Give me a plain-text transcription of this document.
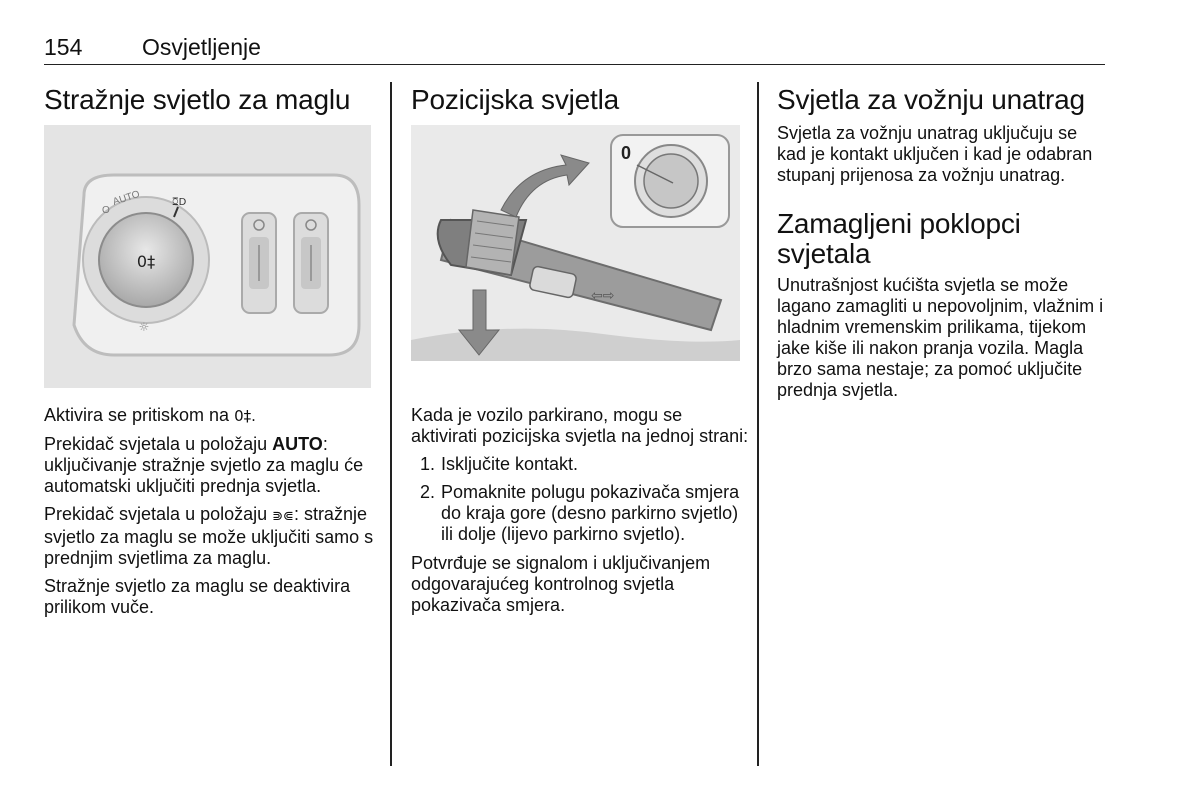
154	Osvjetljenje
Stražnje svjetlo za maglu
0‡
O
AUTO	ꗞD
☼

Aktivira se pritiskom na 0‡.

Prekidač svjetala u položaju AUTO: uključivanje stražnje svjetlo za maglu će automatski uključiti prednja svjetla.

Prekidač svjetala u položaju ⋑⋐: stražnje svjetlo za maglu se može uključiti samo s prednjim svjetlima za maglu.

Stražnje svjetlo za maglu se deaktivira prilikom vuče.

Pozicijska svjetla
⇦⇨
0

Kada je vozilo parkirano, mogu se aktivirati pozicijska svjetla na jednoj strani:

1. Isključite kontakt.
2. Pomaknite polugu pokazivača smjera do kraja gore (desno parkirno svjetlo) ili dolje (lijevo parkirno svjetlo).

Potvrđuje se signalom i uključivanjem odgovarajućeg kontrolnog svjetla pokazivača smjera.

Svjetla za vožnju unatrag

Svjetla za vožnju unatrag uključuju se kad je kontakt uključen i kad je odabran stupanj prijenosa za vožnju unatrag.

Zamagljeni poklopci svjetala

Unutrašnjost kućišta svjetla se može lagano zamagliti u nepovoljnim, vlažnim i hladnim vremenskim prilikama, tijekom jake kiše ili nakon pranja vozila. Magla brzo sama nestaje; za pomoć uključite prednja svjetla.
